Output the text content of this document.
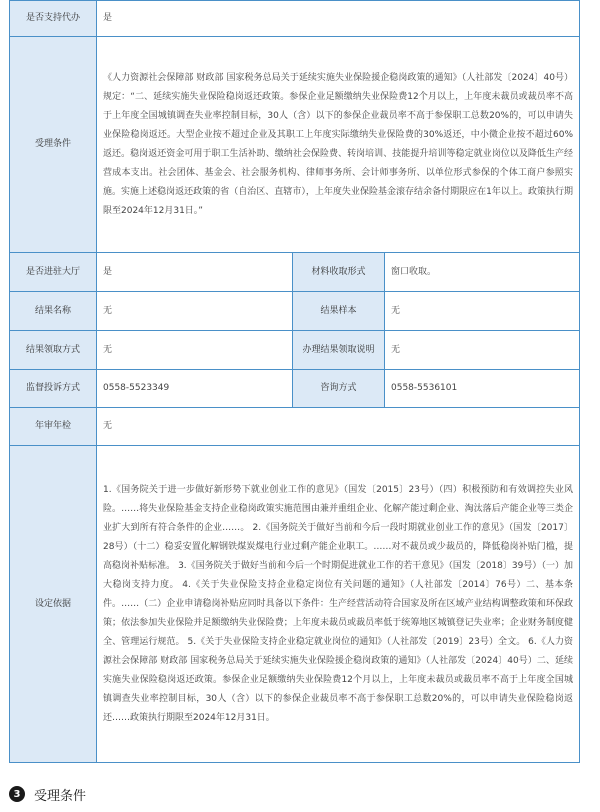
是否支持代办	是		
受理条件	《人力资源社会保障部 财政部 国家税务总局关于延续实施失业保险援企稳岗政策的通知》（人社部发〔2024〕40号）规定：“二、延续实施失业保险稳岗返还政策。参保企业足额缴纳失业保险费12个月以上，上年度未裁员或裁员率不高于上年度全国城镇调查失业率控制目标，30人（含）以下的参保企业裁员率不高于参保职工总数20%的，可以申请失业保险稳岗返还。大型企业按不超过企业及其职工上年度实际缴纳失业保险费的30%返还，中小微企业按不超过60%返还。稳岗返还资金可用于职工生活补助、缴纳社会保险费、转岗培训、技能提升培训等稳定就业岗位以及降低生产经营成本支出。社会团体、基金会、社会服务机构、律师事务所、会计师事务所、以单位形式参保的个体工商户参照实施。实施上述稳岗返还政策的省（自治区、直辖市），上年度失业保险基金滚存结余备付期限应在1年以上。政策执行期限至2024年12月31日。”		
是否进驻大厅	是	材料收取形式	窗口收取。
结果名称	无	结果样本	无
结果领取方式	无	办理结果领取说明	无
监督投诉方式	0558-5523349	咨询方式	0558-5536101
年审年检	无		
设定依据	1.《国务院关于进一步做好新形势下就业创业工作的意见》（国发〔2015〕23号）（四）积极预防和有效调控失业风险。……将失业保险基金支持企业稳岗政策实施范围由兼并重组企业、化解产能过剩企业、淘汰落后产能企业等三类企业扩大到所有符合条件的企业……。 2.《国务院关于做好当前和今后一段时期就业创业工作的意见》（国发〔2017〕28号）（十二）稳妥安置化解钢铁煤炭煤电行业过剩产能企业职工。……对不裁员或少裁员的，降低稳岗补贴门槛，提高稳岗补贴标准。 3.《国务院关于做好当前和今后一个时期促进就业工作的若干意见》（国发〔2018〕39号）（一）加大稳岗支持力度。 4.《关于失业保险支持企业稳定岗位有关问题的通知》（人社部发〔2014〕76号）二、基本条件。……（二）企业申请稳岗补贴应同时具备以下条件：生产经营活动符合国家及所在区域产业结构调整政策和环保政策；依法参加失业保险并足额缴纳失业保险费；上年度未裁员或裁员率低于统筹地区城镇登记失业率；企业财务制度健全、管理运行规范。 5.《关于失业保险支持企业稳定就业岗位的通知》（人社部发〔2019〕23号）全文。 6.《人力资源社会保障部 财政部 国家税务总局关于延续实施失业保险援企稳岗政策的通知》（人社部发〔2024〕40号）二、延续实施失业保险稳岗返还政策。参保企业足额缴纳失业保险费12个月以上，上年度未裁员或裁员率不高于上年度全国城镇调查失业率控制目标，30人（含）以下的参保企业裁员率不高于参保职工总数20%的，可以申请失业保险稳岗返还……政策执行期限至2024年12月31日。		
3	受理条件
